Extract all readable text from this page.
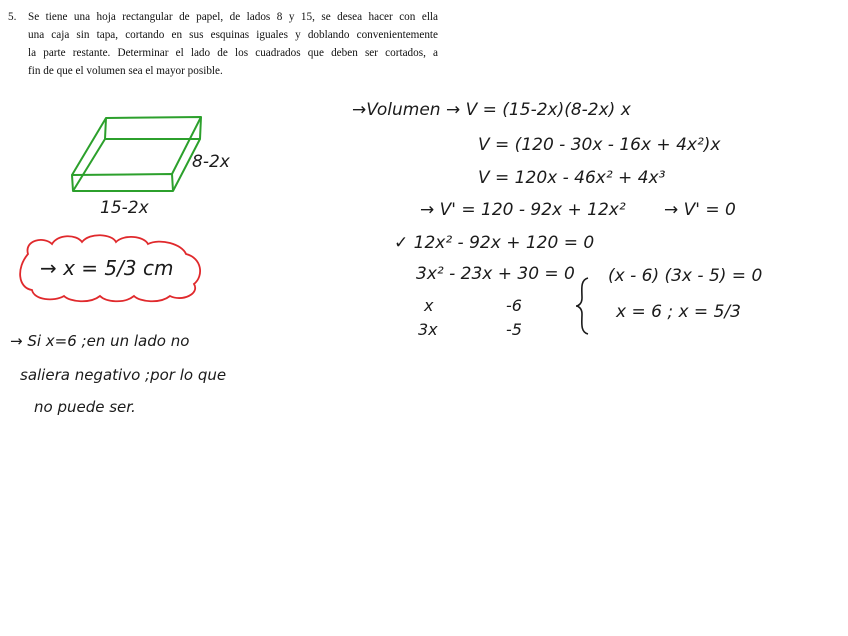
5.	Se tiene una hoja rectangular de papel, de lados 8 y 15, se desea hacer con ella
una caja sin tapa, cortando en sus esquinas iguales y doblando convenientemente
la parte restante. Determinar el lado de los cuadrados que deben ser cortados, a
fin de que el volumen sea el mayor posible.
8-2x
15-2x
→ x = 5/3 cm
→ Si x=6 ;en un lado no
saliera negativo ;por lo que
no puede ser.
→Volumen → V = (15-2x)(8-2x) x
V = (120 - 30x - 16x + 4x²)x
V = 120x - 46x² + 4x³
→ V' = 120 - 92x + 12x² → V' = 0
✓ 12x² - 92x + 120 = 0
3x² - 23x + 30 = 0 (x - 6) (3x - 5) = 0
x
3x
-6
-5
x = 6 ; x = 5/3
